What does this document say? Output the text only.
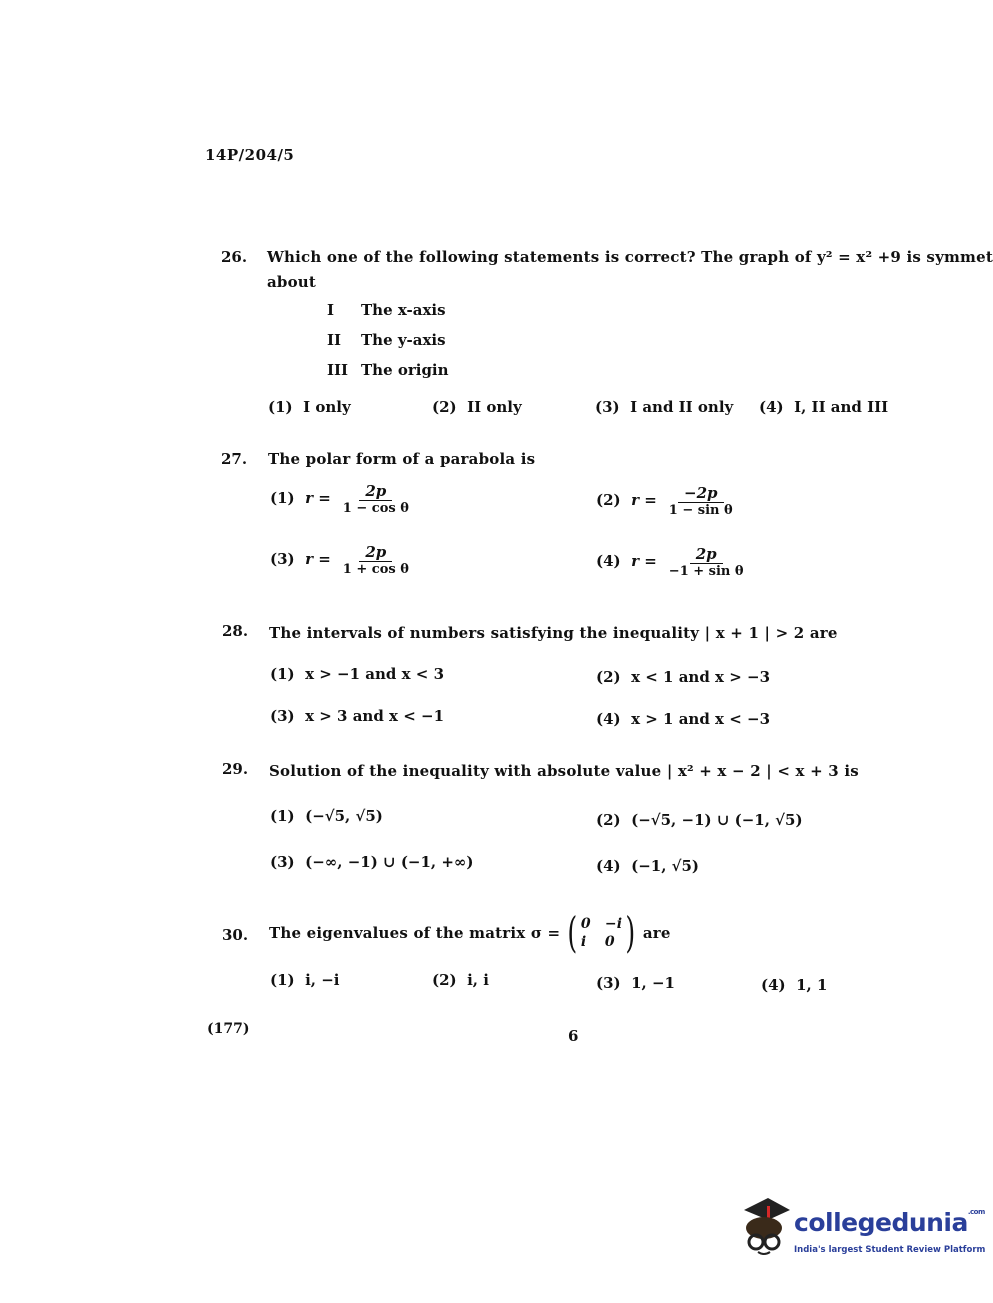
14P/204/5
26. Which one of the following statements is correct? The graph of y² = x² +9 is symmet
about
I The x-axis
II The y-axis
III The origin
(1) I only	(2) II only	(3) I and II only (4) I, II and III
27. The polar form of a parabola is
(1) $r = \frac{2p}{\text{1 − cos θ}}$	(2) $r = \frac{-2p}{\text{1 − sin θ}}$
(3) $r = \frac{2p}{\text{1 + cos θ}}$	(4) $r = \frac{2p}{\text{−1 + sin θ}}$
28. The intervals of numbers satisfying the inequality | x + 1 | > 2 are
(1) x > −1 and x < 3	(2) x < 1 and x > −3
(3) x > 3 and x < −1	(4) x > 1 and x < −3
29. Solution of the inequality with absolute value | x² + x − 2 | < x + 3 is
(1) (−√5, √5)	(2) (−√5, −1) ∪ (−1, √5)
(3) (−∞, −1) ∪ (−1, +∞)	(4) (−1, √5)
30. The eigenvalues of the matrix σ = ( 0 −i
i	0 ) are
(1) i, −i	(2) i, i	(3) 1, −1	(4) 1, 1
(177)	6
collegedunia$^{.com}$
India's largest Student Review Platform
